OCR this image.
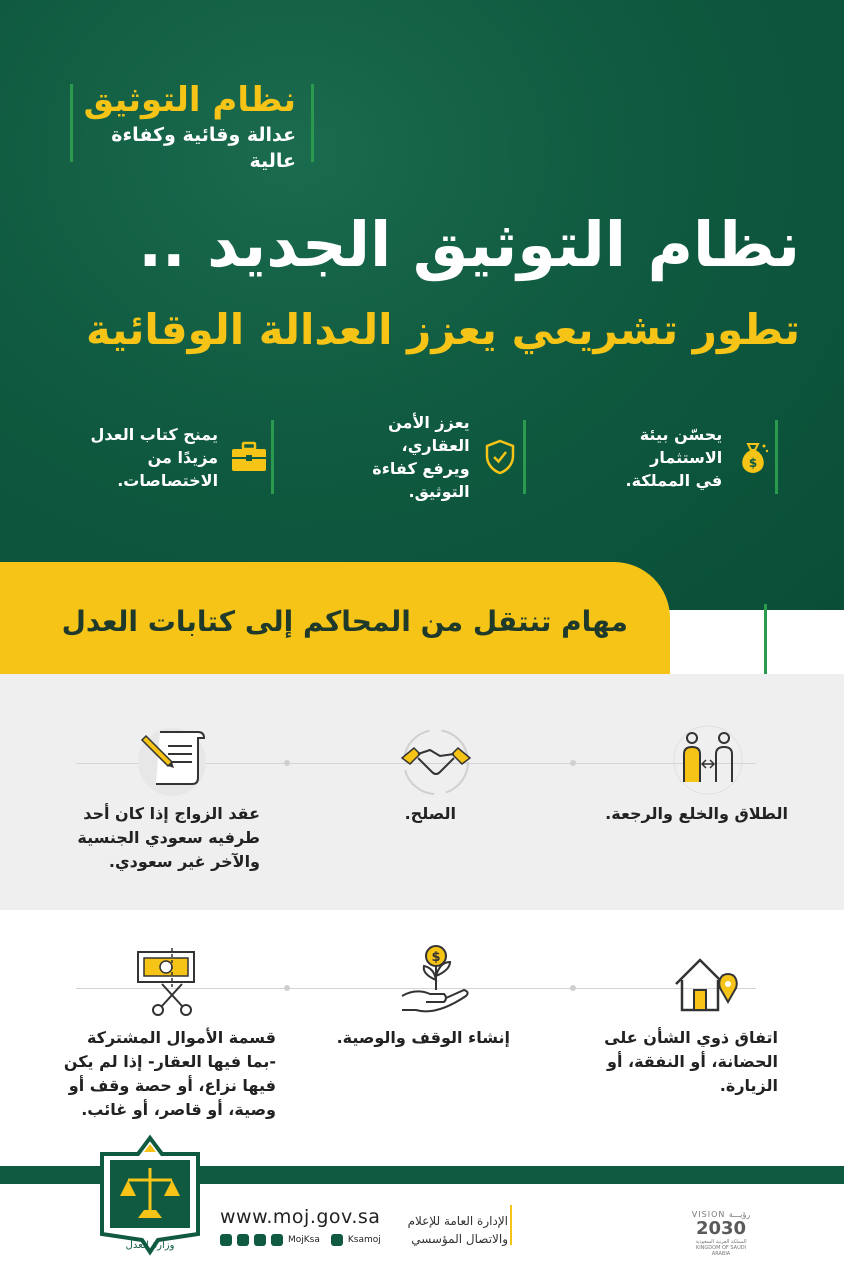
نظام التوثيق
عدالة وقائية وكفاءة عالية
نظام التوثيق الجديد ..
تطور تشريعي يعزز العدالة الوقائية
$
يحسّن بيئة الاستثمار
في المملكة.
يعزز الأمن العقاري،
ويرفع كفاءة التوثيق.
يمنح كتاب العدل
مزيدًا من الاختصاصات.
مهام تنتقل من المحاكم إلى كتابات العدل
الطلاق والخلع والرجعة.
الصلح.
عقد الزواج إذا كان أحد
طرفيه سعودي الجنسية
والآخر غير سعودي.
$
اتفاق ذوي الشأن على
الحضانة، أو النفقة، أو
الزيارة.
إنشاء الوقف والوصية.
قسمة الأموال المشتركة
-بما فيها العقار- إذا لم يكن
فيها نزاع، أو حصة وقف أو
وصية، أو قاصر، أو غائب.
وزارة العدل
www.moj.gov.sa
MojKsa	Ksamoj
الإدارة العامة للإعلام
والاتصال المؤسسي
VISION رؤيـــة
2030
المملكة العربية السعودية KINGDOM OF SAUDI ARABIA
